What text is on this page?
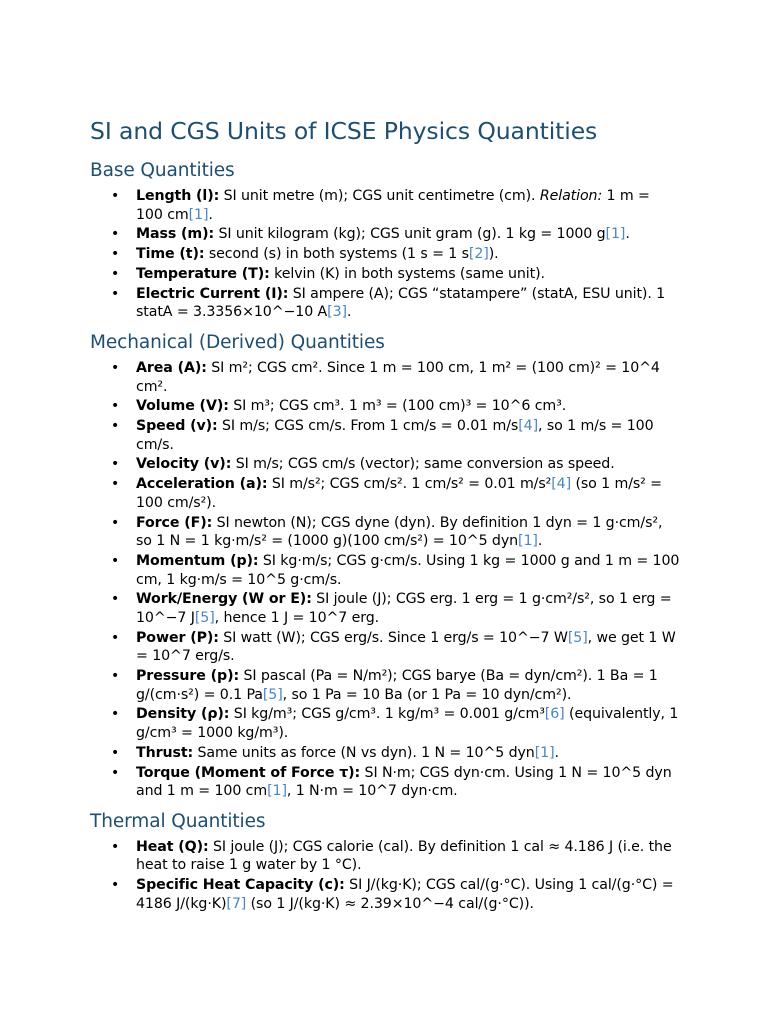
SI and CGS Units of ICSE Physics Quantities
Base Quantities
• Length (l): SI unit metre (m); CGS unit centimetre (cm). Relation: 1 m = 100 cm[1].
• Mass (m): SI unit kilogram (kg); CGS unit gram (g). 1 kg = 1000 g[1].
• Time (t): second (s) in both systems (1 s = 1 s[2]).
• Temperature (T): kelvin (K) in both systems (same unit).
• Electric Current (I): SI ampere (A); CGS “statampere” (statA, ESU unit). 1 statA = 3.3356×10^−10 A[3].
Mechanical (Derived) Quantities
• Area (A): SI m²; CGS cm². Since 1 m = 100 cm, 1 m² = (100 cm)² = 10^4 cm².
• Volume (V): SI m³; CGS cm³. 1 m³ = (100 cm)³ = 10^6 cm³.
• Speed (v): SI m/s; CGS cm/s. From 1 cm/s = 0.01 m/s[4], so 1 m/s = 100 cm/s.
• Velocity (v): SI m/s; CGS cm/s (vector); same conversion as speed.
• Acceleration (a): SI m/s²; CGS cm/s². 1 cm/s² = 0.01 m/s²[4] (so 1 m/s² = 100 cm/s²).
• Force (F): SI newton (N); CGS dyne (dyn). By definition 1 dyn = 1 g·cm/s², so 1 N = 1 kg·m/s² = (1000 g)(100 cm/s²) = 10^5 dyn[1].
• Momentum (p): SI kg·m/s; CGS g·cm/s. Using 1 kg = 1000 g and 1 m = 100 cm, 1 kg·m/s = 10^5 g·cm/s.
• Work/Energy (W or E): SI joule (J); CGS erg. 1 erg = 1 g·cm²/s², so 1 erg = 10^−7 J[5], hence 1 J = 10^7 erg.
• Power (P): SI watt (W); CGS erg/s. Since 1 erg/s = 10^−7 W[5], we get 1 W = 10^7 erg/s.
• Pressure (p): SI pascal (Pa = N/m²); CGS barye (Ba = dyn/cm²). 1 Ba = 1 g/(cm·s²) = 0.1 Pa[5], so 1 Pa = 10 Ba (or 1 Pa = 10 dyn/cm²).
• Density (ρ): SI kg/m³; CGS g/cm³. 1 kg/m³ = 0.001 g/cm³[6] (equivalently, 1 g/cm³ = 1000 kg/m³).
• Thrust: Same units as force (N vs dyn). 1 N = 10^5 dyn[1].
• Torque (Moment of Force τ): SI N·m; CGS dyn·cm. Using 1 N = 10^5 dyn and 1 m = 100 cm[1], 1 N·m = 10^7 dyn·cm.
Thermal Quantities
• Heat (Q): SI joule (J); CGS calorie (cal). By definition 1 cal ≈ 4.186 J (i.e. the heat to raise 1 g water by 1 °C).
• Specific Heat Capacity (c): SI J/(kg·K); CGS cal/(g·°C). Using 1 cal/(g·°C) = 4186 J/(kg·K)[7] (so 1 J/(kg·K) ≈ 2.39×10^−4 cal/(g·°C)).
